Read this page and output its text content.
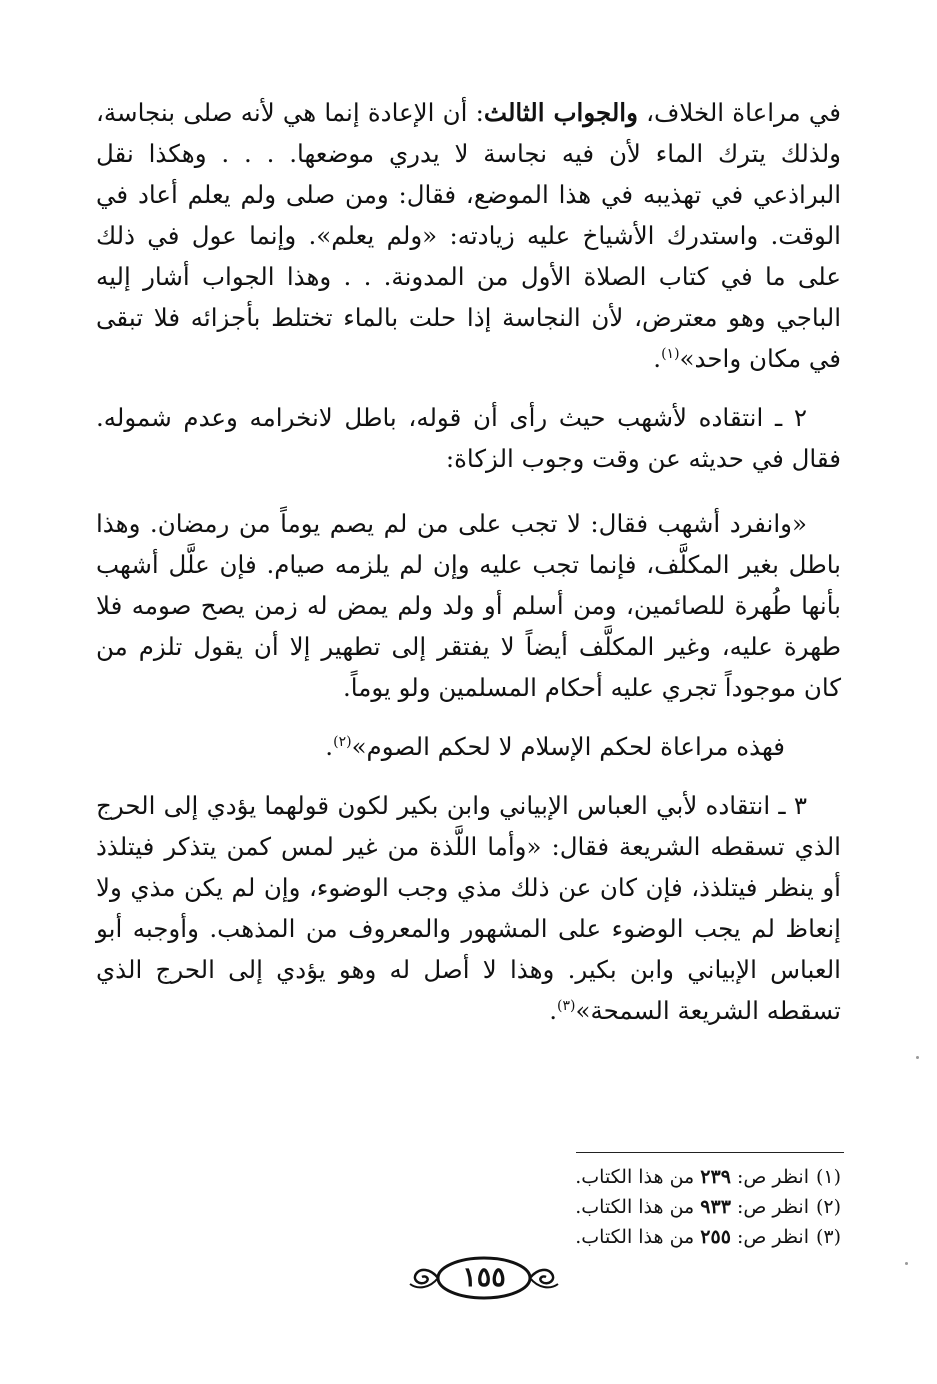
في مراعاة الخلاف، والجواب الثالث: أن الإعادة إنما هي لأنه صلى بنجاسة، ولذلك يترك الماء لأن فيه نجاسة لا يدري موضعها. . . . وهكذا نقل البراذعي في تهذيبه في هذا الموضع، فقال: ومن صلى ولم يعلم أعاد في الوقت. واستدرك الأشياخ عليه زيادته: «ولم يعلم». وإنما عول في ذلك على ما في كتاب الصلاة الأول من المدونة. . . وهذا الجواب أشار إليه الباجي وهو معترض، لأن النجاسة إذا حلت بالماء تختلط بأجزائه فلا تبقى في مكان واحد»$^{(١)}$.

٢ ـ انتقاده لأشهب حيث رأى أن قوله، باطل لانخرامه وعدم شموله. فقال في حديثه عن وقت وجوب الزكاة:

«وانفرد أشهب فقال: لا تجب على من لم يصم يوماً من رمضان. وهذا باطل بغير المكلَّف، فإنما تجب عليه وإن لم يلزمه صيام. فإن علَّل أشهب بأنها طُهرة للصائمين، ومن أسلم أو ولد ولم يمض له زمن يصح صومه فلا طهرة عليه، وغير المكلَّف أيضاً لا يفتقر إلى تطهير إلا أن يقول تلزم من كان موجوداً تجري عليه أحكام المسلمين ولو يوماً.

فهذه مراعاة لحكم الإسلام لا لحكم الصوم»$^{(٢)}$.

٣ ـ انتقاده لأبي العباس الإبياني وابن بكير لكون قولهما يؤدي إلى الحرج الذي تسقطه الشريعة فقال: «وأما اللَّذة من غير لمس كمن يتذكر فيتلذذ أو ينظر فيتلذذ، فإن كان عن ذلك مذي وجب الوضوء، وإن لم يكن مذي ولا إنعاظ لم يجب الوضوء على المشهور والمعروف من المذهب. وأوجبه أبو العباس الإبياني وابن بكير. وهذا لا أصل له وهو يؤدي إلى الحرج الذي تسقطه الشريعة السمحة»$^{(٣)}$.

(١)انظر ص: ٢٣٩ من هذا الكتاب.
(٢)انظر ص: ٩٣٣ من هذا الكتاب.
(٣)انظر ص: ٢٥٥ من هذا الكتاب.
١٥٥
